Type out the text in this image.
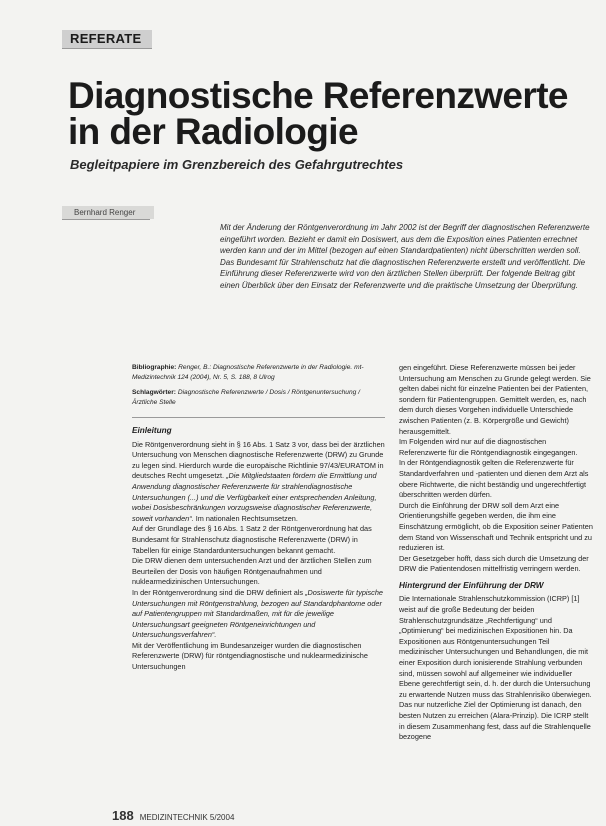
REFERATE
Diagnostische Referenzwerte
in der Radiologie
Begleitpapiere im Grenzbereich des Gefahrgutrechtes
Bernhard Renger
Mit der Änderung der Röntgenverordnung im Jahr 2002 ist der Begriff der diagnostischen Referenzwerte eingeführt worden. Bezieht er damit ein Dosiswert, aus dem die Exposition eines Patienten errechnet werden kann und der im Mittel (bezogen auf einen Standardpatienten) nicht überschritten werden soll. Das Bundesamt für Strahlenschutz hat die diagnostischen Referenzwerte erstellt und veröffentlicht. Die Einführung dieser Referenzwerte wird von den ärztlichen Stellen überprüft. Der folgende Beitrag gibt einen Überblick über den Einsatz der Referenzwerte und die praktische Umsetzung der Überprüfung.

Bibliographie: Renger, B.: Diagnostische Referenzwerte in der Radiologie. mt-Medizintechnik 124 (2004), Nr. 5, S. 188, 8 Ulrog

Schlagwörter: Diagnostische Referenzwerte / Dosis / Röntgenuntersuchung / Ärztliche Stelle

Einleitung

Die Röntgenverordnung sieht in § 16 Abs. 1 Satz 3 vor, dass bei der ärztlichen Untersuchung von Menschen diagnostische Referenzwerte (DRW) zu Grunde zu legen sind. Hierdurch wurde die europäische Richtlinie 97/43/EURATOM in deutsches Recht umgesetzt. „Die Mitgliedstaaten fördern die Ermittlung und Anwendung diagnostischer Referenzwerte für strahlendiagnostische Untersuchungen (...) und die Verfügbarkeit einer entsprechenden Anleitung, wobei Dosisbeschränkungen vorzugsweise diagnostischer Referenzwerte, soweit vorhanden“. Im nationalen Rechtsumsetzen.

Auf der Grundlage des § 16 Abs. 1 Satz 2 der Röntgenverordnung hat das Bundesamt für Strahlenschutz diagnostische Referenzwerte (DRW) in Tabellen für einige Standarduntersuchungen bekannt gemacht.

Die DRW dienen dem untersuchenden Arzt und der ärztlichen Stellen zum Beurteilen der Dosis von häufigen Röntgenaufnahmen und nuklearmedizinischen Untersuchungen.

In der Röntgenverordnung sind die DRW definiert als „Dosiswerte für typische Untersuchungen mit Röntgenstrahlung, bezogen auf Standardphantome oder auf Patientengruppen mit Standardmaßen, mit für die jeweilige Untersuchungsart geeigneten Röntgeneinrichtungen und Untersuchungsverfahren“.

Mit der Veröffentlichung im Bundesanzeiger wurden die diagnostischen Referenzwerte (DRW) für röntgendiagnostische und nuklearmedizinische Untersuchungen

gen eingeführt. Diese Referenzwerte müssen bei jeder Untersuchung am Menschen zu Grunde gelegt werden. Sie gelten dabei nicht für einzelne Patienten bei der Patienten, sondern für Patientengruppen. Gemittelt werden, es, nach dem durch dieses Vorgehen individuelle Unterschiede zwischen Patienten (z. B. Körpergröße und Gewicht) herausgemittelt.

Im Folgenden wird nur auf die diagnostischen Referenzwerte für die Röntgendiagnostik eingegangen.

In der Röntgendiagnostik gelten die Referenzwerte für Standardverfahren und -patienten und dienen dem Arzt als obere Richtwerte, die nicht beständig und ungerechtfertigt überschritten werden dürfen.

Durch die Einführung der DRW soll dem Arzt eine Orientierungshilfe gegeben werden, die ihm eine Einschätzung ermöglicht, ob die Exposition seiner Patienten dem Stand von Wissenschaft und Technik entspricht und zu reduzieren ist.

Der Gesetzgeber hofft, dass sich durch die Umsetzung der DRW die Patientendosen mittelfristig verringern werden.

Hintergrund der Einführung der DRW

Die Internationale Strahlenschutzkommission (ICRP) [1] weist auf die große Bedeutung der beiden Strahlenschutzgrundsätze „Rechtfertigung“ und „Optimierung“ bei medizinischen Expositionen hin. Da Expositionen aus Röntgenuntersuchungen Teil medizinischer Untersuchungen und Behandlungen, die mit einer Exposition durch ionisierende Strahlung verbunden sind, müssen sowohl auf allgemeiner wie individueller Ebene gerechtfertigt sein, d. h. der durch die Untersuchung zu erwartende Nutzen muss das Strahlenrisiko überwiegen. Das nur nutzerliche Ziel der Optimierung ist danach, den besten Nutzen zu erreichen (Alara-Prinzip). Die ICRP stellt in diesem Zusammenhang fest, dass auf die Strahlenquelle bezogene

188 MEDIZINTECHNIK 5/2004
